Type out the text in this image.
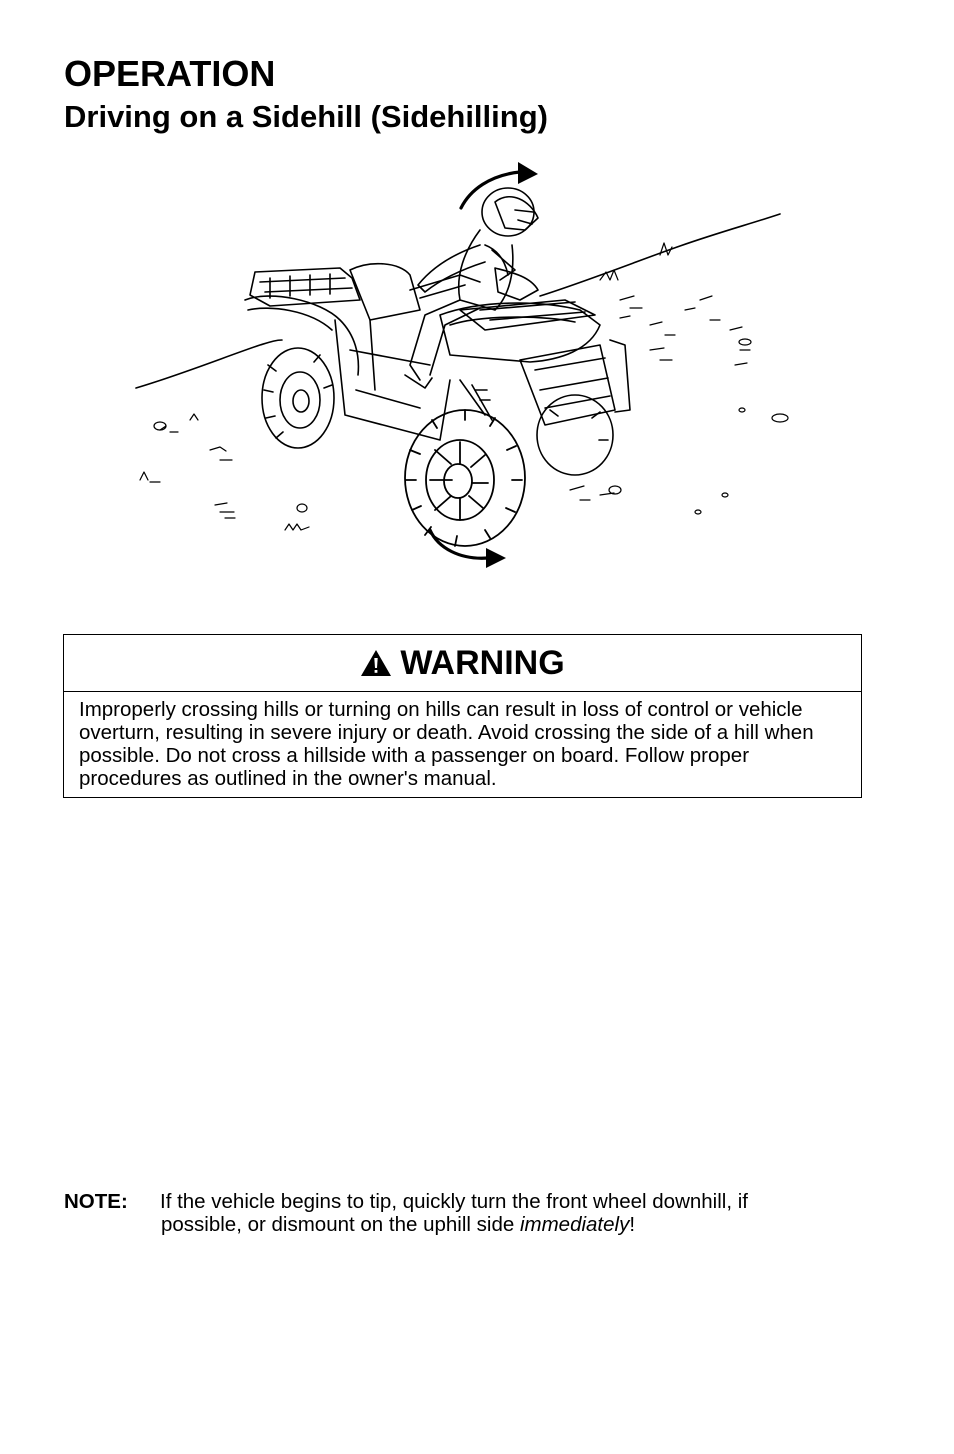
OPERATION
Driving on a Sidehill (Sidehilling)
WARNING
Improperly crossing hills or turning on hills can result in loss of control or vehicle overturn, resulting in severe injury or death. Avoid crossing the side of a hill when possible. Do not cross a hillside with a passenger on board. Follow proper procedures as outlined in the owner's manual.
NOTE: If the vehicle begins to tip, quickly turn the front wheel downhill, if
possible, or dismount on the uphill side immediately!
